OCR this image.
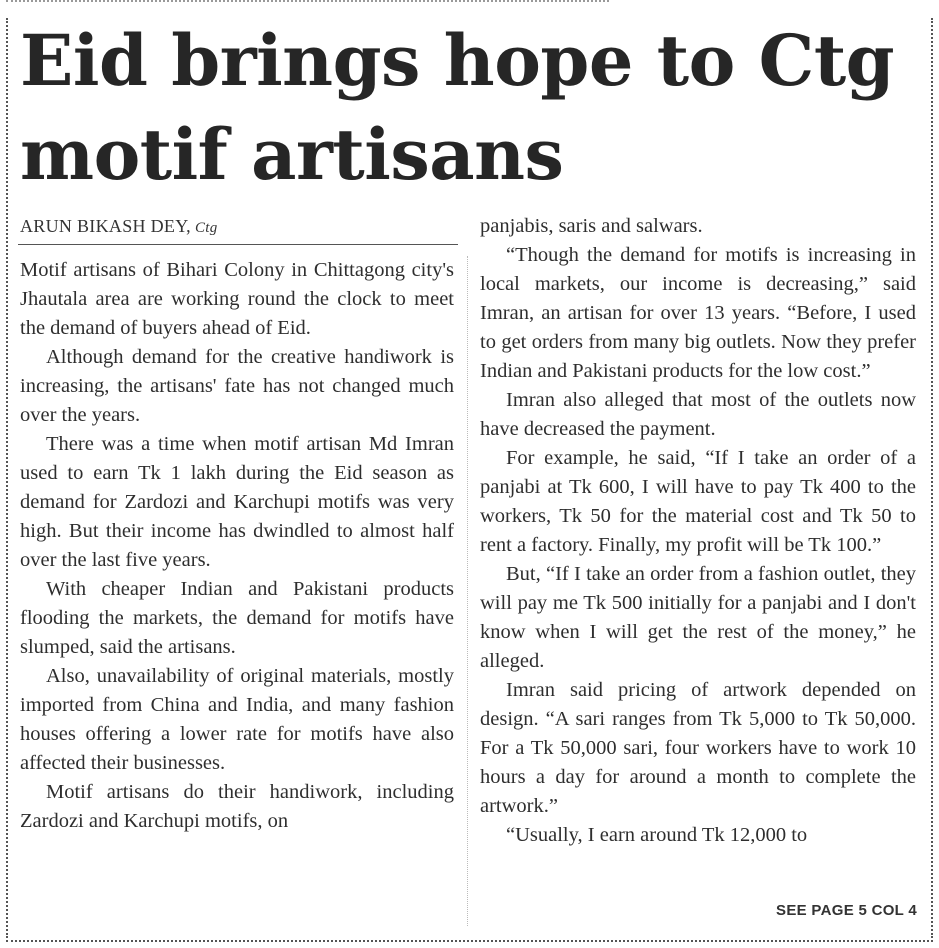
Eid brings hope to Ctg motif artisans
ARUN BIKASH DEY, Ctg

Motif artisans of Bihari Colony in Chittagong city's Jhautala area are working round the clock to meet the demand of buyers ahead of Eid.

Although demand for the creative handiwork is increasing, the artisans' fate has not changed much over the years.

There was a time when motif artisan Md Imran used to earn Tk 1 lakh during the Eid season as demand for Zardozi and Karchupi motifs was very high. But their income has dwindled to almost half over the last five years.

With cheaper Indian and Pakistani products flooding the markets, the demand for motifs have slumped, said the artisans.

Also, unavailability of original materials, mostly imported from China and India, and many fashion houses offering a lower rate for motifs have also affected their businesses.

Motif artisans do their handiwork, including Zardozi and Karchupi motifs, on

panjabis, saris and salwars.

“Though the demand for motifs is increasing in local markets, our income is decreasing,” said Imran, an artisan for over 13 years. “Before, I used to get orders from many big outlets. Now they prefer Indian and Pakistani products for the low cost.”

Imran also alleged that most of the outlets now have decreased the payment.

For example, he said, “If I take an order of a panjabi at Tk 600, I will have to pay Tk 400 to the workers, Tk 50 for the material cost and Tk 50 to rent a factory. Finally, my profit will be Tk 100.”

But, “If I take an order from a fashion outlet, they will pay me Tk 500 initially for a panjabi and I don't know when I will get the rest of the money,” he alleged.

Imran said pricing of artwork depended on design. “A sari ranges from Tk 5,000 to Tk 50,000. For a Tk 50,000 sari, four workers have to work 10 hours a day for around a month to complete the artwork.”

“Usually, I earn around Tk 12,000 to

SEE PAGE 5 COL 4
